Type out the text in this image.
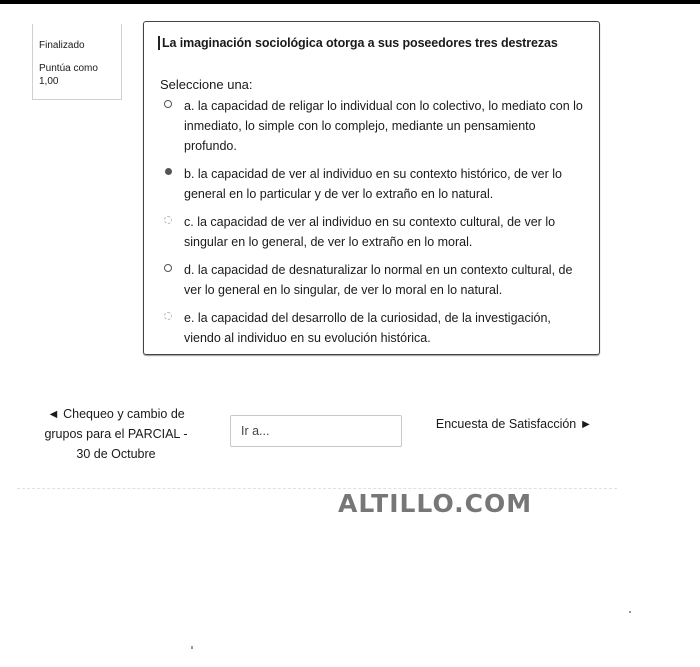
Finalizado
Puntúa como
1,00
La imaginación sociológica otorga a sus poseedores tres destrezas
Seleccione una:
a. la capacidad de religar lo individual con lo colectivo, lo mediato con lo inmediato, lo simple con lo complejo, mediante un pensamiento profundo.
b. la capacidad de ver al individuo en su contexto histórico, de ver lo general en lo particular y de ver lo extraño en lo natural.
c. la capacidad de ver al individuo en su contexto cultural, de ver lo singular en lo general, de ver lo extraño en lo moral.
d. la capacidad de desnaturalizar lo normal en un contexto cultural, de ver lo general en lo singular, de ver lo moral en lo natural.
e. la capacidad del desarrollo de la curiosidad, de la investigación, viendo al individuo en su evolución histórica.
◄ Chequeo y cambio de grupos para el PARCIAL - 30 de Octubre
Ir a...
Encuesta de Satisfacción ►
ALTILLO.COM
